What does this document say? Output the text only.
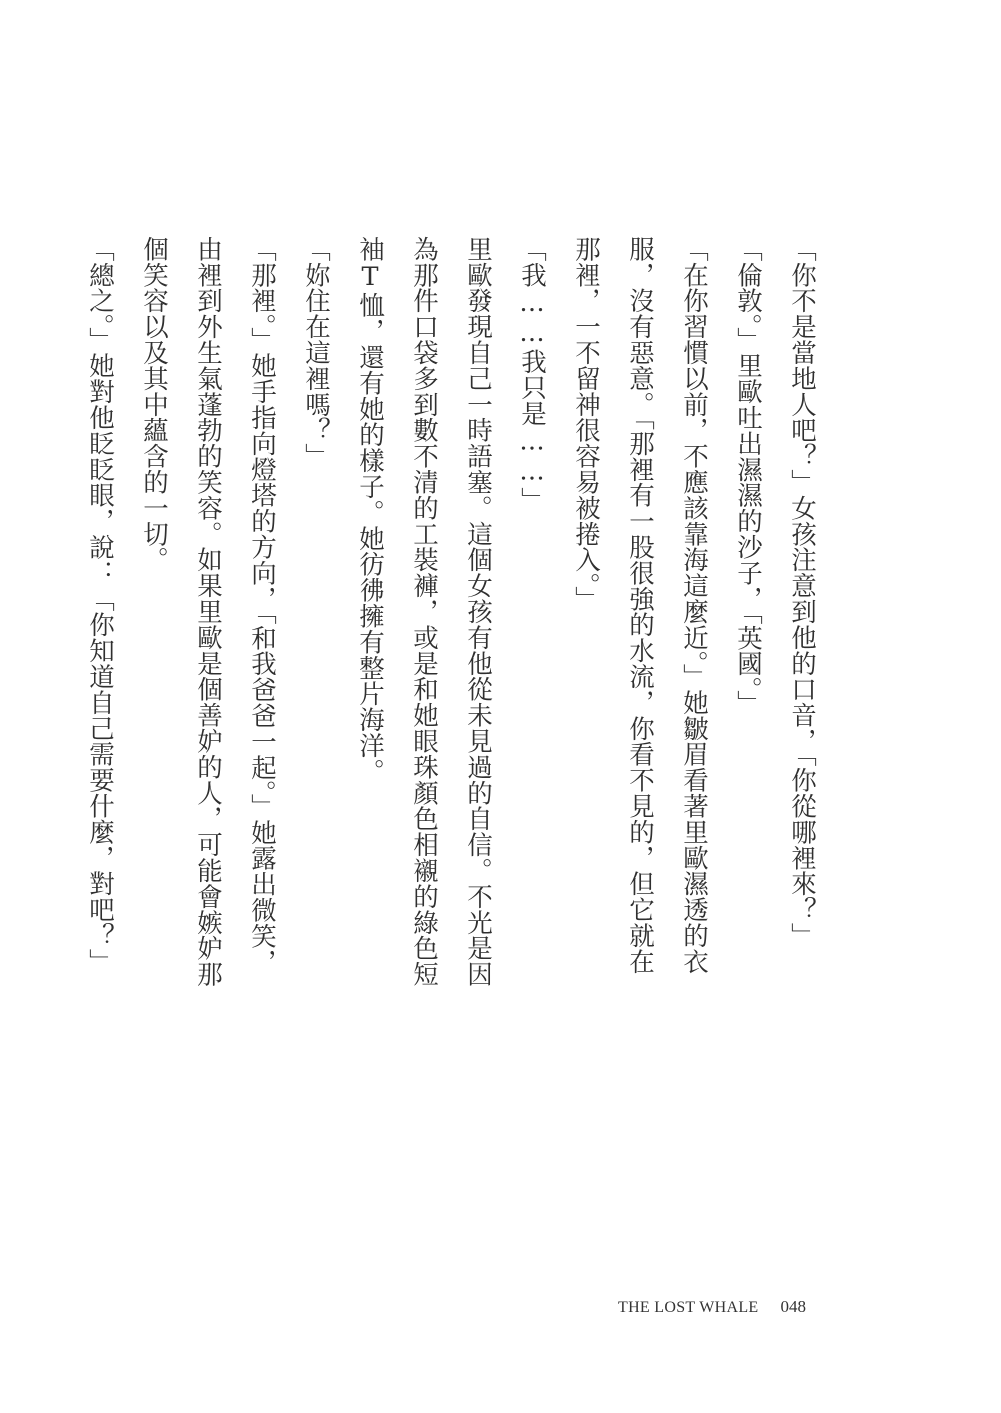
「你不是當地人吧？」女孩注意到他的口音，「你從哪裡來？」

「倫敦。」里歐吐出濕濕的沙子，「英國。」

「在你習慣以前，不應該靠海這麼近。」她皺眉看著里歐濕透的衣服，沒有惡意。「那裡有一股很強的水流，你看不見的，但它就在那裡，一不留神很容易被捲入。」

「我……我只是……」

里歐發現自己一時語塞。這個女孩有他從未見過的自信。不光是因為那件口袋多到數不清的工裝褲，或是和她眼珠顏色相襯的綠色短袖T恤，還有她的樣子。她彷彿擁有整片海洋。

「妳住在這裡嗎？」

「那裡。」她手指向燈塔的方向，「和我爸爸一起。」她露出微笑，由裡到外生氣蓬勃的笑容。如果里歐是個善妒的人，可能會嫉妒那個笑容以及其中蘊含的一切。

「總之。」她對他眨眨眼，說：「你知道自己需要什麼，對吧？」

THE LOST WHALE 048
